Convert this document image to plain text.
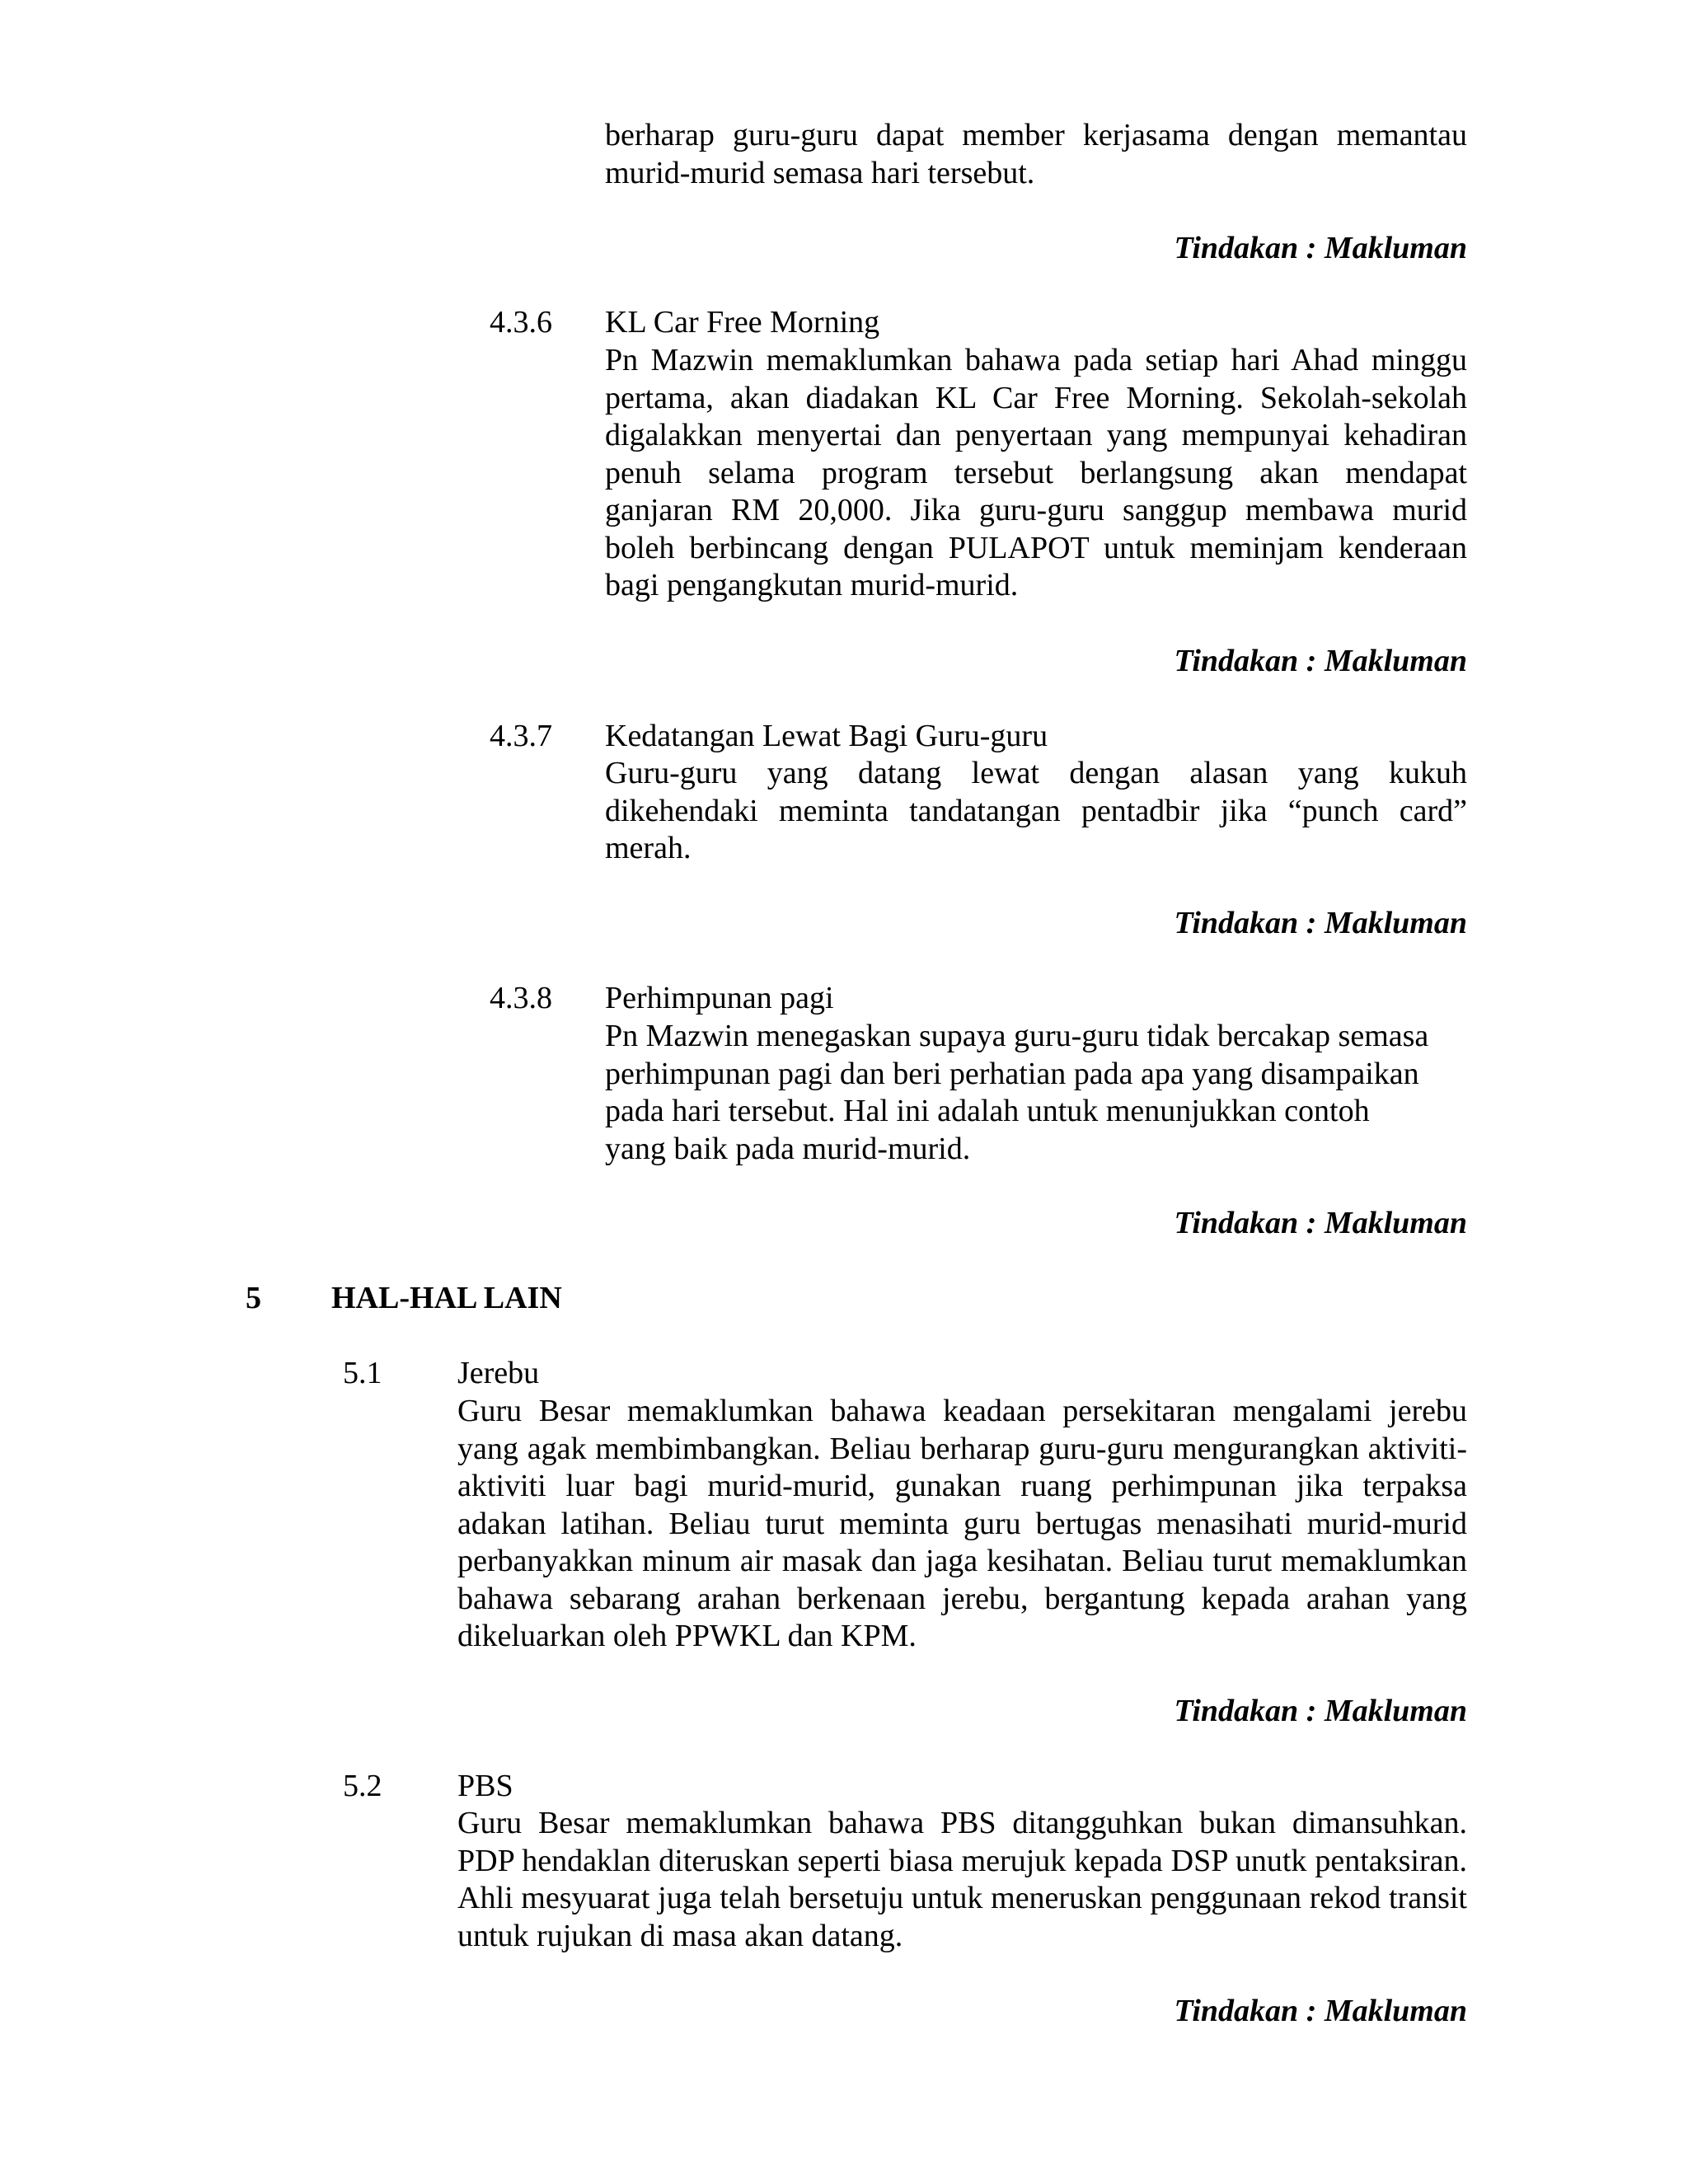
berharap guru-guru dapat member kerjasama dengan memantau murid-murid semasa hari tersebut.

Tindakan : Makluman

4.3.6 KL Car Free Morning

Pn Mazwin memaklumkan bahawa pada setiap hari Ahad minggu pertama, akan diadakan KL Car Free Morning. Sekolah-sekolah digalakkan menyertai dan penyertaan yang mempunyai kehadiran penuh selama program tersebut berlangsung akan mendapat ganjaran RM 20,000. Jika guru-guru sanggup membawa murid boleh berbincang dengan PULAPOT untuk meminjam kenderaan bagi pengangkutan murid-murid.

Tindakan : Makluman

4.3.7 Kedatangan Lewat Bagi Guru-guru

Guru-guru yang datang lewat dengan alasan yang kukuh dikehendaki meminta tandatangan pentadbir jika “punch card” merah.

Tindakan : Makluman

4.3.8 Perhimpunan pagi

Pn Mazwin menegaskan supaya guru-guru tidak bercakap semasa
perhimpunan pagi dan beri perhatian pada apa yang disampaikan
pada hari tersebut. Hal ini adalah untuk menunjukkan contoh
yang baik pada murid-murid.

Tindakan : Makluman

5 HAL-HAL LAIN

5.1 Jerebu

Guru Besar memaklumkan bahawa keadaan persekitaran mengalami jerebu yang agak membimbangkan. Beliau berharap guru-guru mengurangkan aktiviti-aktiviti luar bagi murid-murid, gunakan ruang perhimpunan jika terpaksa adakan latihan. Beliau turut meminta guru bertugas menasihati murid-murid perbanyakkan minum air masak dan jaga kesihatan. Beliau turut memaklumkan bahawa sebarang arahan berkenaan jerebu, bergantung kepada arahan yang dikeluarkan oleh PPWKL dan KPM.

Tindakan : Makluman

5.2 PBS

Guru Besar memaklumkan bahawa PBS ditangguhkan bukan dimansuhkan. PDP hendaklan diteruskan seperti biasa merujuk kepada DSP unutk pentaksiran. Ahli mesyuarat juga telah bersetuju untuk meneruskan penggunaan rekod transit untuk rujukan di masa akan datang.

Tindakan : Makluman
